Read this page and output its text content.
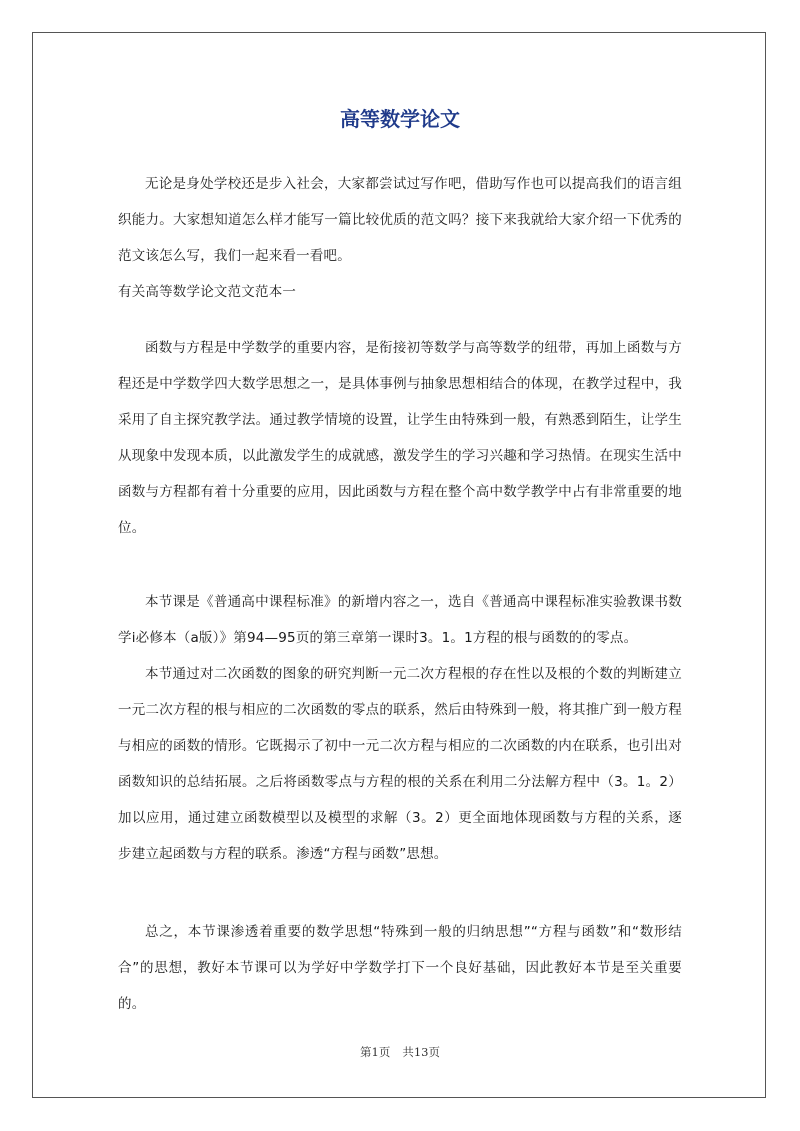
高等数学论文

无论是身处学校还是步入社会，大家都尝试过写作吧，借助写作也可以提高我们的语言组织能力。大家想知道怎么样才能写一篇比较优质的范文吗？接下来我就给大家介绍一下优秀的范文该怎么写，我们一起来看一看吧。

有关高等数学论文范文范本一

函数与方程是中学数学的重要内容，是衔接初等数学与高等数学的纽带，再加上函数与方程还是中学数学四大数学思想之一，是具体事例与抽象思想相结合的体现，在教学过程中，我采用了自主探究教学法。通过教学情境的设置，让学生由特殊到一般，有熟悉到陌生，让学生从现象中发现本质，以此激发学生的成就感，激发学生的学习兴趣和学习热情。在现实生活中函数与方程都有着十分重要的应用，因此函数与方程在整个高中数学教学中占有非常重要的地位。

本节课是《普通高中课程标准》的新增内容之一，选自《普通高中课程标准实验教课书数学i必修本（a版）》第94—95页的第三章第一课时3。1。1方程的根与函数的的零点。

本节通过对二次函数的图象的研究判断一元二次方程根的存在性以及根的个数的判断建立一元二次方程的根与相应的二次函数的零点的联系，然后由特殊到一般，将其推广到一般方程与相应的函数的情形。它既揭示了初中一元二次方程与相应的二次函数的内在联系，也引出对函数知识的总结拓展。之后将函数零点与方程的根的关系在利用二分法解方程中（3。1。2）加以应用，通过建立函数模型以及模型的求解（3。2）更全面地体现函数与方程的关系，逐步建立起函数与方程的联系。渗透“方程与函数”思想。

总之，本节课渗透着重要的数学思想“特殊到一般的归纳思想”“方程与函数”和“数形结合”的思想，教好本节课可以为学好中学数学打下一个良好基础，因此教好本节是至关重要的。

第1页 共13页
